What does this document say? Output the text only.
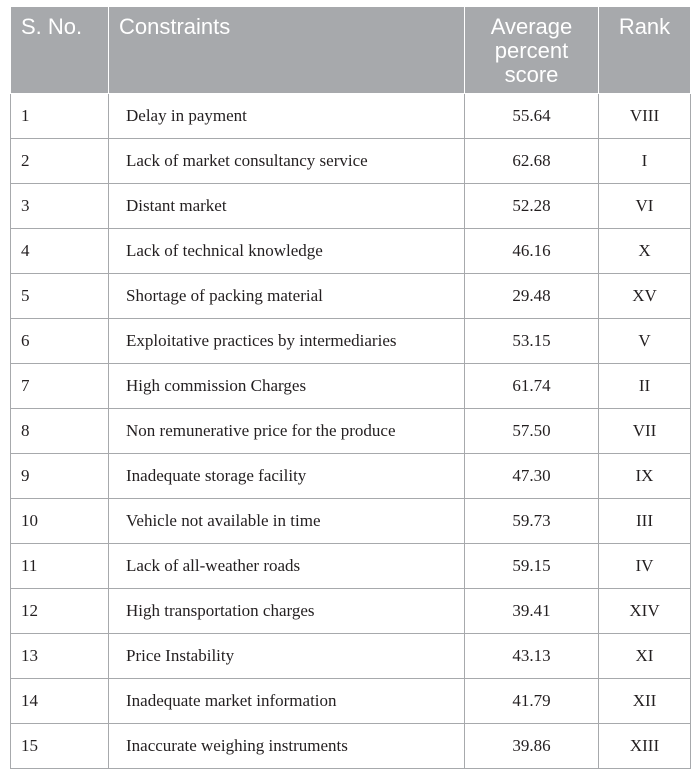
S. No.	Constraints	Average percent score	Rank
1	Delay in payment	55.64	VIII
2	Lack of market consultancy service	62.68	I
3	Distant market	52.28	VI
4	Lack of technical knowledge	46.16	X
5	Shortage of packing material	29.48	XV
6	Exploitative practices by intermediaries	53.15	V
7	High commission Charges	61.74	II
8	Non remunerative price for the produce	57.50	VII
9	Inadequate storage facility	47.30	IX
10	Vehicle not available in time	59.73	III
11	Lack of all-weather roads	59.15	IV
12	High transportation charges	39.41	XIV
13	Price Instability	43.13	XI
14	Inadequate market information	41.79	XII
15	Inaccurate weighing instruments	39.86	XIII
